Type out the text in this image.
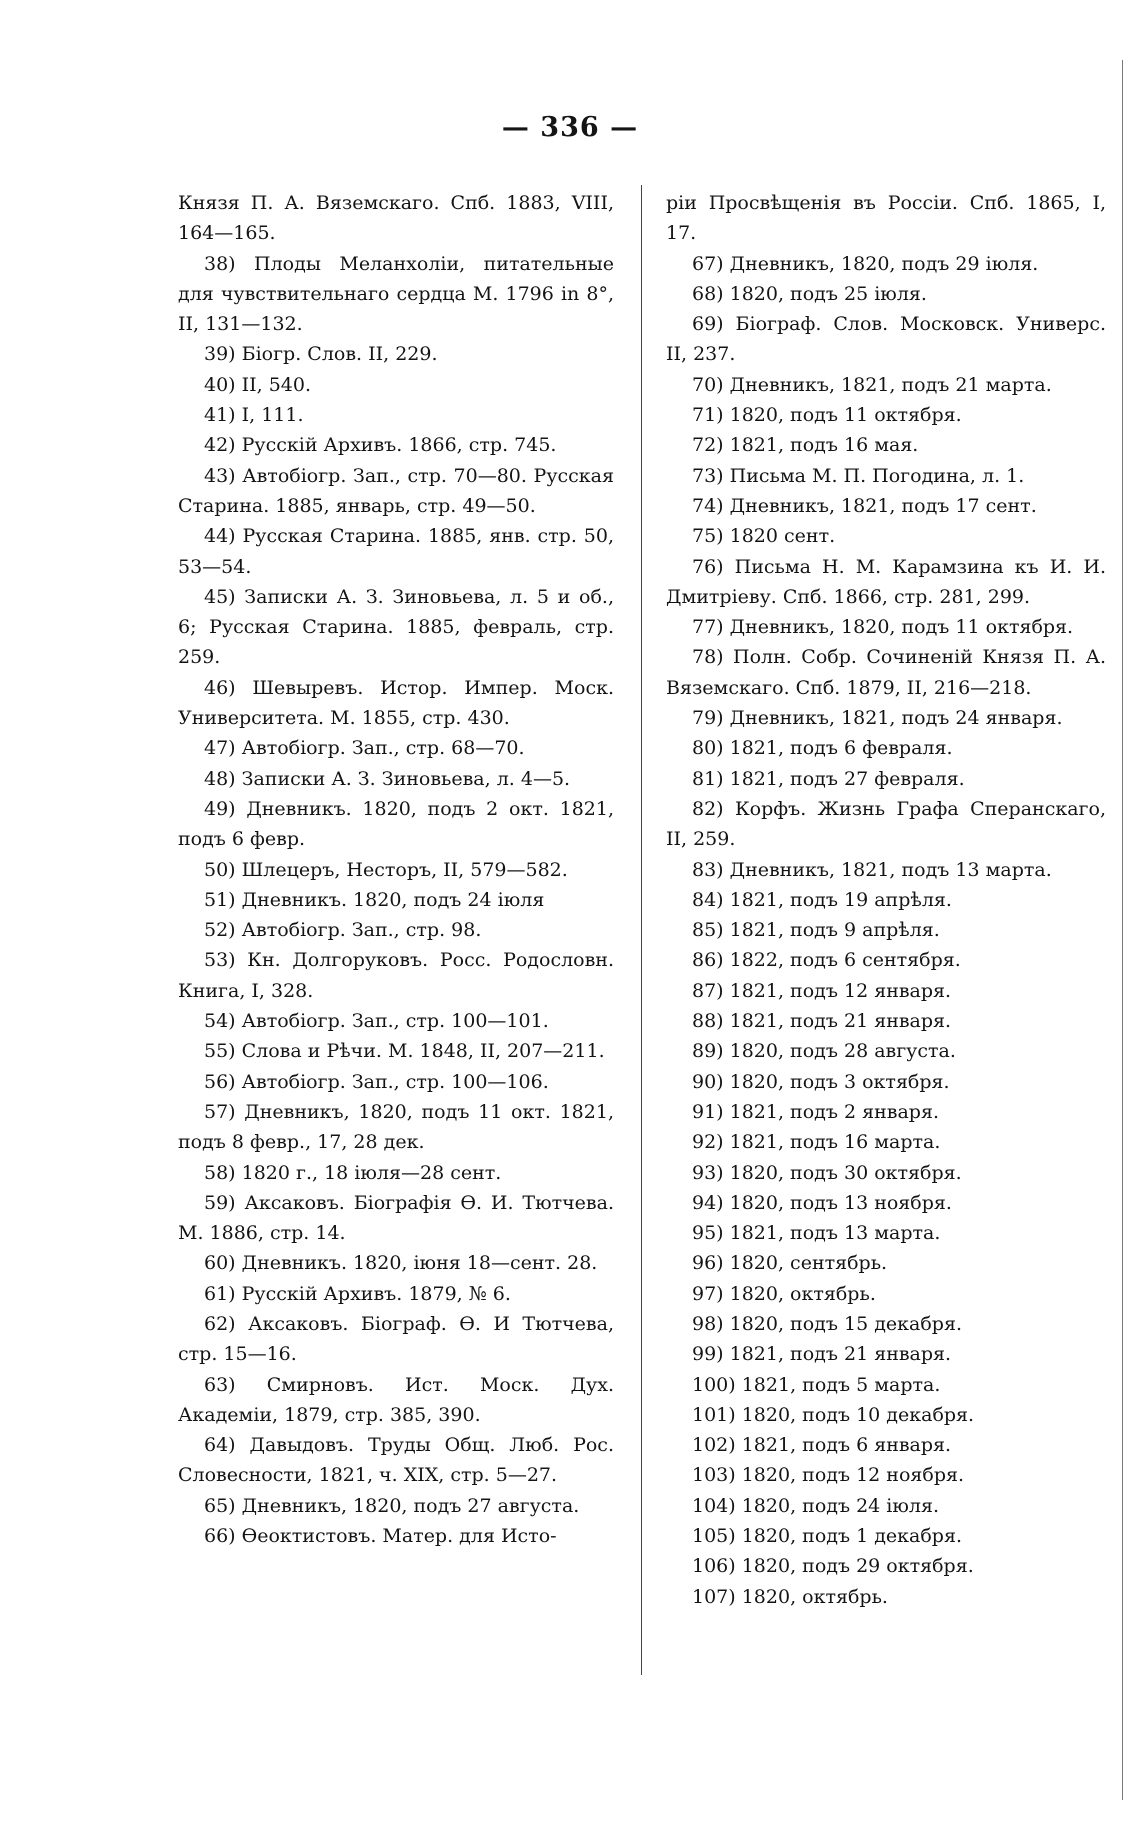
— 336 —

Князя П. А. Вяземскаго. Спб. 1883, VIII, 164—165.

38) Плоды Меланхоліи, питательные для чувствительнаго сердца М. 1796 in 8°, II, 131—132.

39) Біогр. Слов. II, 229.

40) II, 540.

41) I, 111.

42) Русскій Архивъ. 1866, стр. 745.

43) Автобіогр. Зап., стр. 70—80. Русская Старина. 1885, январь, стр. 49—50.

44) Русская Старина. 1885, янв. стр. 50, 53—54.

45) Записки А. З. Зиновьева, л. 5 и об., 6; Русская Старина. 1885, февраль, стр. 259.

46) Шевыревъ. Истор. Импер. Моск. Университета. М. 1855, стр. 430.

47) Автобіогр. Зап., стр. 68—70.

48) Записки А. З. Зиновьева, л. 4—5.

49) Дневникъ. 1820, подъ 2 окт. 1821, подъ 6 февр.

50) Шлецеръ, Несторъ, II, 579—582.

51) Дневникъ. 1820, подъ 24 іюля

52) Автобіогр. Зап., стр. 98.

53) Кн. Долгоруковъ. Росс. Родословн. Книга, I, 328.

54) Автобіогр. Зап., стр. 100—101.

55) Слова и Рѣчи. М. 1848, II, 207—211.

56) Автобіогр. Зап., стр. 100—106.

57) Дневникъ, 1820, подъ 11 окт. 1821, подъ 8 февр., 17, 28 дек.

58) 1820 г., 18 іюля—28 сент.

59) Аксаковъ. Біографія Ѳ. И. Тютчева. М. 1886, стр. 14.

60) Дневникъ. 1820, іюня 18—сент. 28.

61) Русскій Архивъ. 1879, № 6.

62) Аксаковъ. Біограф. Ѳ. И Тютчева, стр. 15—16.

63) Смирновъ. Ист. Моск. Дух. Академіи, 1879, стр. 385, 390.

64) Давыдовъ. Труды Общ. Люб. Рос. Словесности, 1821, ч. XIX, стр. 5—27.

65) Дневникъ, 1820, подъ 27 августа.

66) Ѳеоктистовъ. Матер. для Исто-

ріи Просвѣщенія въ Россіи. Спб. 1865, I, 17.

67) Дневникъ, 1820, подъ 29 іюля.

68) 1820, подъ 25 іюля.

69) Біограф. Слов. Московск. Универс. II, 237.

70) Дневникъ, 1821, подъ 21 марта.

71) 1820, подъ 11 октября.

72) 1821, подъ 16 мая.

73) Письма М. П. Погодина, л. 1.

74) Дневникъ, 1821, подъ 17 сент.

75) 1820 сент.

76) Письма Н. М. Карамзина къ И. И. Дмитріеву. Спб. 1866, стр. 281, 299.

77) Дневникъ, 1820, подъ 11 октября.

78) Полн. Собр. Сочиненій Князя П. А. Вяземскаго. Спб. 1879, II, 216—218.

79) Дневникъ, 1821, подъ 24 января.

80) 1821, подъ 6 февраля.

81) 1821, подъ 27 февраля.

82) Корфъ. Жизнь Графа Сперанскаго, II, 259.

83) Дневникъ, 1821, подъ 13 марта.

84) 1821, подъ 19 апрѣля.

85) 1821, подъ 9 апрѣля.

86) 1822, подъ 6 сентября.

87) 1821, подъ 12 января.

88) 1821, подъ 21 января.

89) 1820, подъ 28 августа.

90) 1820, подъ 3 октября.

91) 1821, подъ 2 января.

92) 1821, подъ 16 марта.

93) 1820, подъ 30 октября.

94) 1820, подъ 13 ноября.

95) 1821, подъ 13 марта.

96) 1820, сентябрь.

97) 1820, октябрь.

98) 1820, подъ 15 декабря.

99) 1821, подъ 21 января.

100) 1821, подъ 5 марта.

101) 1820, подъ 10 декабря.

102) 1821, подъ 6 января.

103) 1820, подъ 12 ноября.

104) 1820, подъ 24 іюля.

105) 1820, подъ 1 декабря.

106) 1820, подъ 29 октября.

107) 1820, октябрь.
